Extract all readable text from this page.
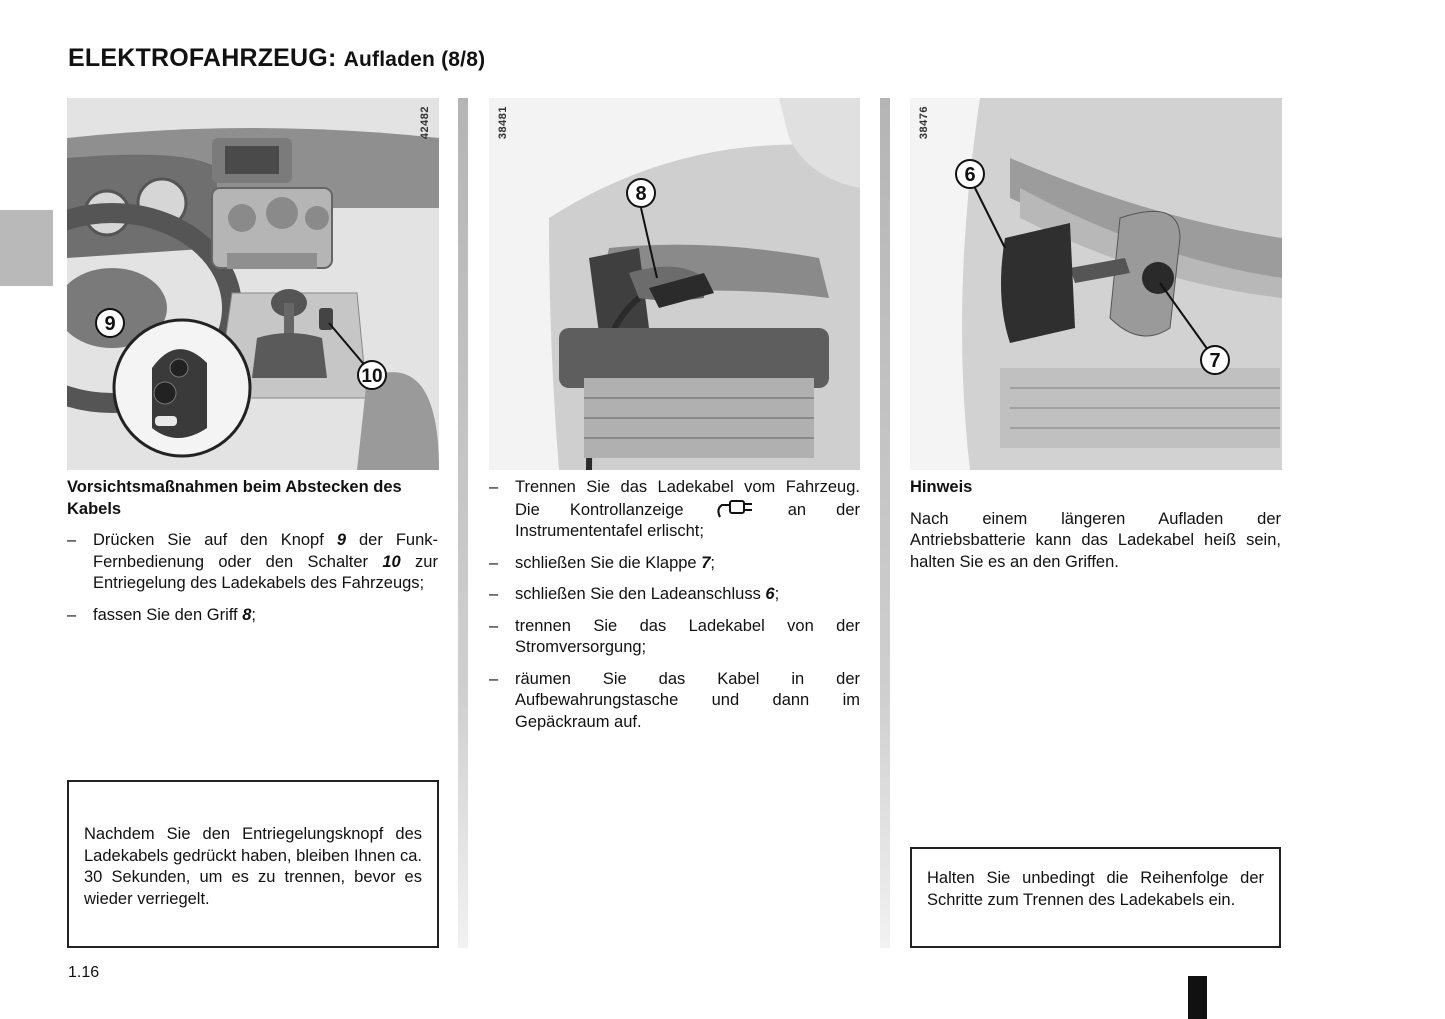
ELEKTROFAHRZEUG: Aufladen (8/8)
42482
9
10
38481
8
38476
6
7

Vorsichtsmaßnahmen beim Abstecken des Kabels

– Drücken Sie auf den Knopf 9 der Funk-Fernbedienung oder den Schalter 10 zur Entriegelung des Ladekabels des Fahrzeugs;
– fassen Sie den Griff 8;
Nachdem Sie den Entriegelungsknopf des Ladekabels gedrückt haben, bleiben Ihnen ca. 30 Sekunden, um es zu trennen, bevor es wieder verriegelt.
– Trennen Sie das Ladekabel vom Fahrzeug. Die Kontrollanzeige	an der Instrumententafel erlischt;
– schließen Sie die Klappe 7;
– schließen Sie den Ladeanschluss 6;
– trennen Sie das Ladekabel von der Stromversorgung;
– räumen Sie das Kabel in der Aufbewahrungstasche und dann im Gepäckraum auf.

Hinweis

Nach einem längeren Aufladen der Antriebsbatterie kann das Ladekabel heiß sein, halten Sie es an den Griffen.

Halten Sie unbedingt die Reihenfolge der Schritte zum Trennen des Ladekabels ein.
1.16
